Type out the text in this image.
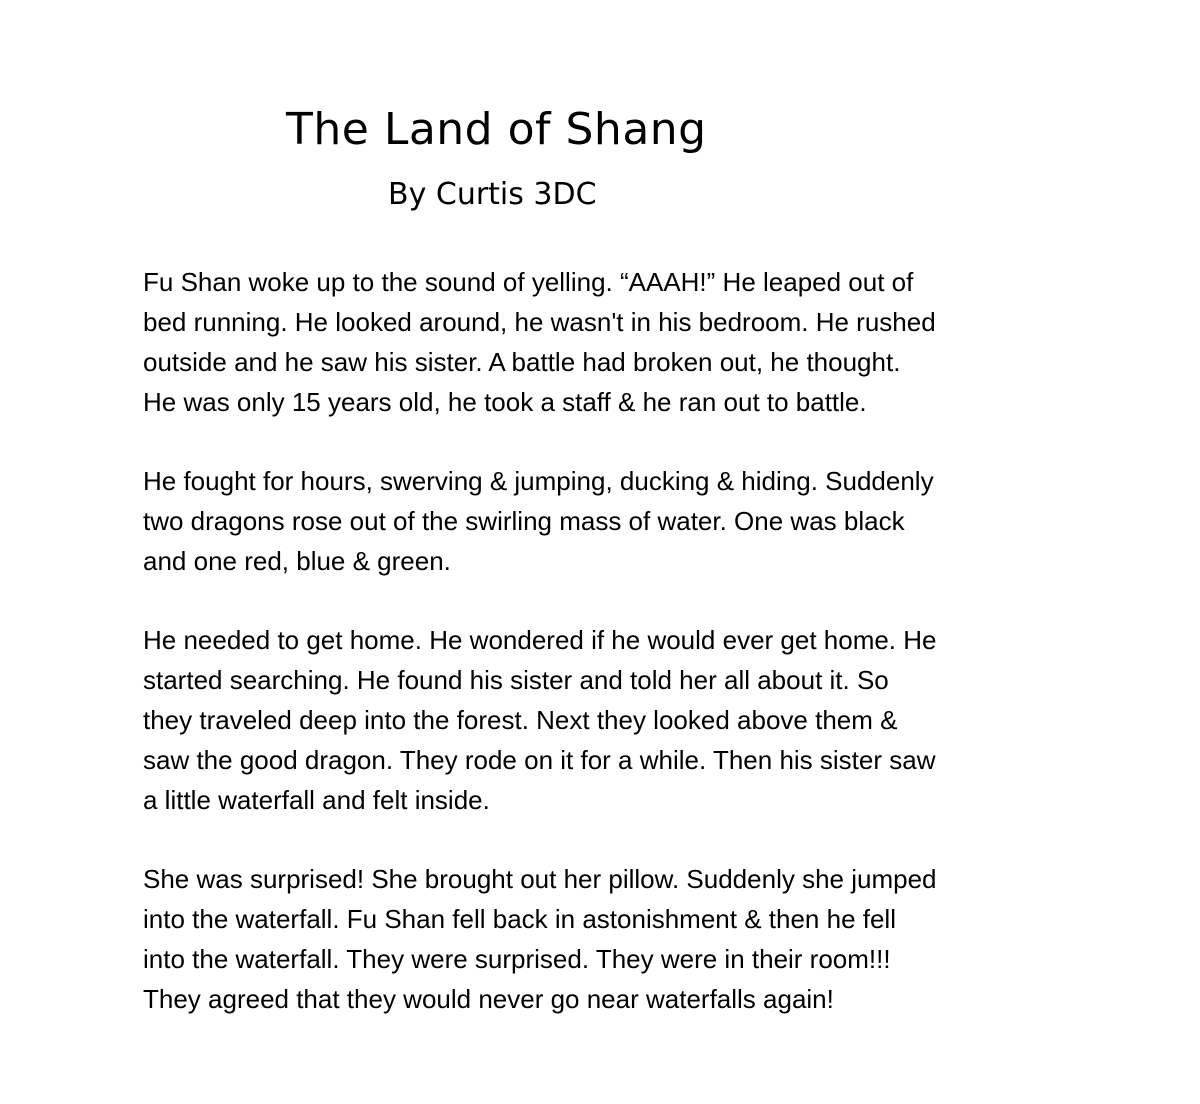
The Land of Shang
By Curtis 3DC

Fu Shan woke up to the sound of yelling. “AAAH!” He leaped out of
bed running. He looked around, he wasn't in his bedroom. He rushed
outside and he saw his sister. A battle had broken out, he thought.
He was only 15 years old, he took a staff & he ran out to battle.

He fought for hours, swerving & jumping, ducking & hiding. Suddenly
two dragons rose out of the swirling mass of water. One was black
and one red, blue & green.

He needed to get home. He wondered if he would ever get home. He
started searching. He found his sister and told her all about it. So
they traveled deep into the forest. Next they looked above them &
saw the good dragon. They rode on it for a while. Then his sister saw
a little waterfall and felt inside.

She was surprised! She brought out her pillow. Suddenly she jumped
into the waterfall. Fu Shan fell back in astonishment & then he fell
into the waterfall. They were surprised. They were in their room!!!
They agreed that they would never go near waterfalls again!
